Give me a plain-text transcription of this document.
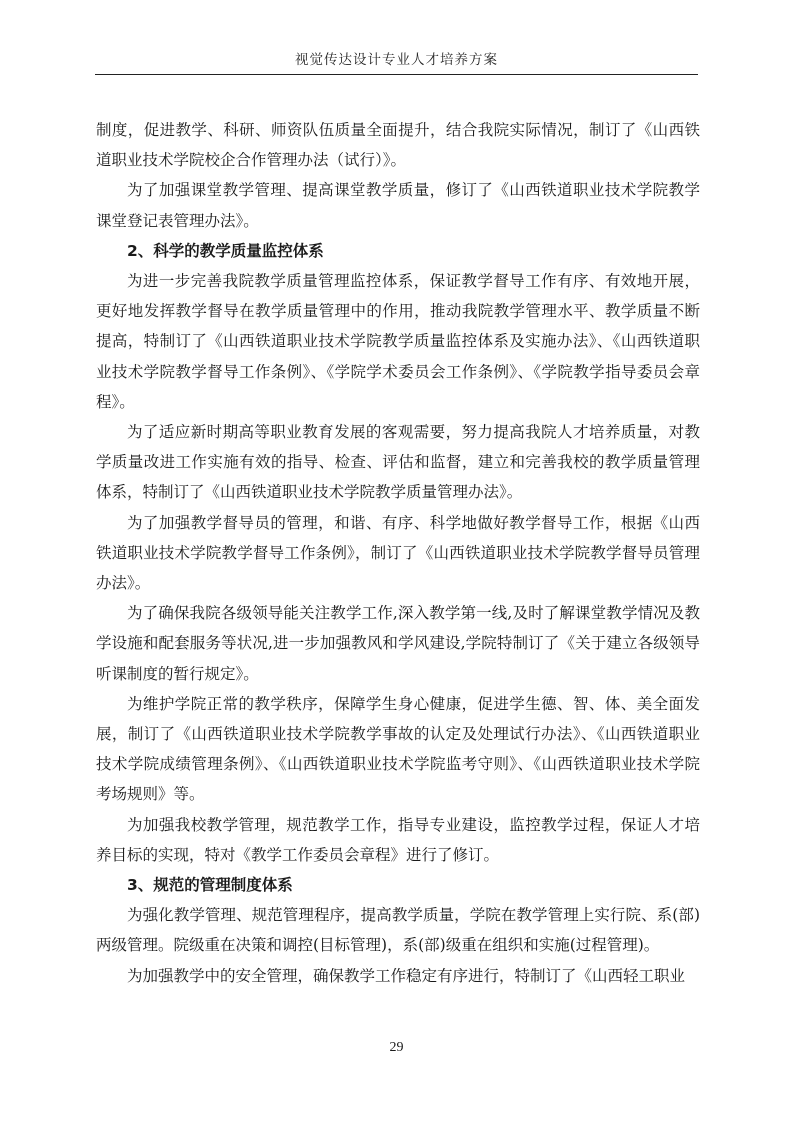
视觉传达设计专业人才培养方案

制度，促进教学、科研、师资队伍质量全面提升，结合我院实际情况，制订了《山西铁道职业技术学院校企合作管理办法（试行）》。

为了加强课堂教学管理、提高课堂教学质量，修订了《山西铁道职业技术学院教学课堂登记表管理办法》。

2、科学的教学质量监控体系

为进一步完善我院教学质量管理监控体系，保证教学督导工作有序、有效地开展，更好地发挥教学督导在教学质量管理中的作用，推动我院教学管理水平、教学质量不断提高，特制订了《山西铁道职业技术学院教学质量监控体系及实施办法》、《山西铁道职业技术学院教学督导工作条例》、《学院学术委员会工作条例》、《学院教学指导委员会章程》。

为了适应新时期高等职业教育发展的客观需要，努力提高我院人才培养质量，对教学质量改进工作实施有效的指导、检查、评估和监督，建立和完善我校的教学质量管理体系，特制订了《山西铁道职业技术学院教学质量管理办法》。

为了加强教学督导员的管理，和谐、有序、科学地做好教学督导工作，根据《山西铁道职业技术学院教学督导工作条例》，制订了《山西铁道职业技术学院教学督导员管理办法》。

为了确保我院各级领导能关注教学工作,深入教学第一线,及时了解课堂教学情况及教学设施和配套服务等状况,进一步加强教风和学风建设,学院特制订了《关于建立各级领导听课制度的暂行规定》。

为维护学院正常的教学秩序，保障学生身心健康，促进学生德、智、体、美全面发展，制订了《山西铁道职业技术学院教学事故的认定及处理试行办法》、《山西铁道职业技术学院成绩管理条例》、《山西铁道职业技术学院监考守则》、《山西铁道职业技术学院考场规则》等。

为加强我校教学管理，规范教学工作，指导专业建设，监控教学过程，保证人才培养目标的实现，特对《教学工作委员会章程》进行了修订。

3、规范的管理制度体系

为强化教学管理、规范管理程序，提高教学质量，学院在教学管理上实行院、系(部)两级管理。院级重在决策和调控(目标管理)，系(部)级重在组织和实施(过程管理)。

为加强教学中的安全管理，确保教学工作稳定有序进行，特制订了《山西轻工职业

29
